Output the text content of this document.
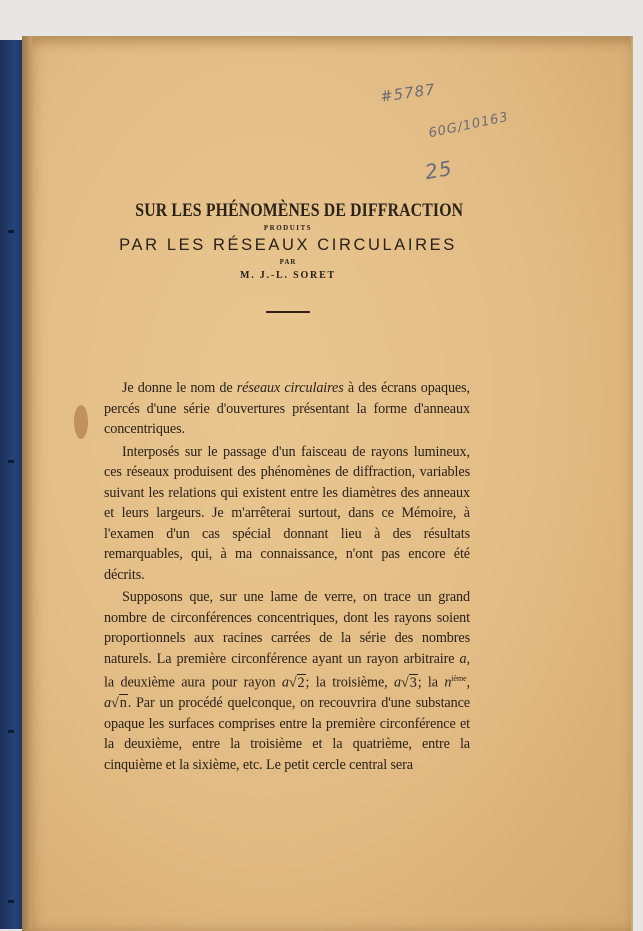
#5787
60G/10163
25

SUR LES PHÉNOMÈNES DE DIFFRACTION

PRODUITS

PAR LES RÉSEAUX CIRCULAIRES

PAR

M. J.-L. SORET

Je donne le nom de réseaux circulaires à des écrans opaques, percés d'une série d'ouvertures présentant la forme d'anneaux concentriques.

Interposés sur le passage d'un faisceau de rayons lumineux, ces réseaux produisent des phénomènes de diffraction, variables suivant les relations qui existent entre les diamètres des anneaux et leurs largeurs. Je m'arrêterai surtout, dans ce Mémoire, à l'examen d'un cas spécial donnant lieu à des résultats remarquables, qui, à ma connaissance, n'ont pas encore été décrits.

Supposons que, sur une lame de verre, on trace un grand nombre de circonférences concentriques, dont les rayons soient proportionnels aux racines carrées de la série des nombres naturels. La première circonférence ayant un rayon arbitraire a, la deuxième aura pour rayon a√2; la troisième, a√3; la $n^{ième}$, a√n. Par un procédé quelconque, on recouvrira d'une substance opaque les surfaces comprises entre la première circonférence et la deuxième, entre la troisième et la quatrième, entre la cinquième et la sixième, etc. Le petit cercle central sera
